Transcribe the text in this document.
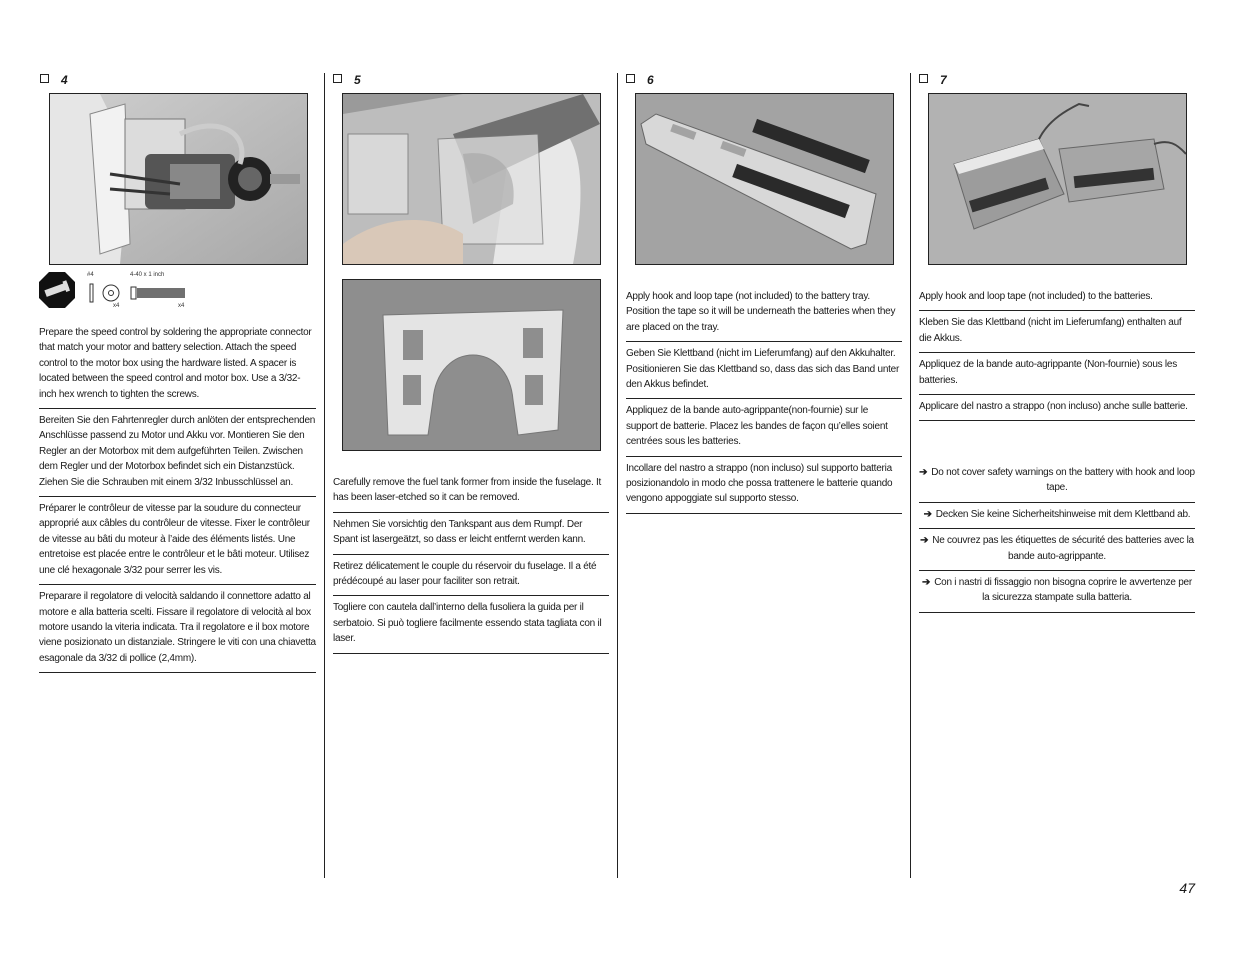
4	5	6	7
#4	4-40 x 1 inch
x4	x4

Prepare the speed control by soldering the appropriate connector that match your motor and battery selection. Attach the speed control to the motor box using the hardware listed. A spacer is located between the speed control and motor box. Use a 3/32-inch hex wrench to tighten the screws.

Bereiten Sie den Fahrtenregler durch anlöten der entsprechenden Anschlüsse passend zu Motor und Akku vor. Montieren Sie den Regler an der Motorbox mit dem aufgeführten Teilen. Zwischen dem Regler und der Motorbox befindet sich ein Distanzstück. Ziehen Sie die Schrauben mit einem 3/32 Inbusschlüssel an.

Préparer le contrôleur de vitesse par la soudure du connecteur approprié aux câbles du contrôleur de vitesse. Fixer le contrôleur de vitesse au bâti du moteur à l’aide des éléments listés. Une entretoise est placée entre le contrôleur et le bâti moteur. Utilisez une clé hexagonale 3/32 pour serrer les vis.

Preparare il regolatore di velocità saldando il connettore adatto al motore e alla batteria scelti. Fissare il regolatore di velocità al box motore usando la viteria indicata. Tra il regolatore e il box motore viene posizionato un distanziale. Stringere le viti con una chiavetta esagonale da 3/32 di pollice (2,4mm).

Carefully remove the fuel tank former from inside the fuselage. It has been laser-etched so it can be removed.

Nehmen Sie vorsichtig den Tankspant aus dem Rumpf. Der Spant ist lasergeätzt, so dass er leicht entfernt werden kann.

Retirez délicatement le couple du réservoir du fuselage. Il a été prédécoupé au laser pour faciliter son retrait.

Togliere con cautela dall’interno della fusoliera la guida per il serbatoio. Si può togliere facilmente essendo stata tagliata con il laser.

Apply hook and loop tape (not included) to the battery tray. Position the tape so it will be underneath the batteries when they are placed on the tray.

Geben Sie Klettband (nicht im Lieferumfang) auf den Akkuhalter. Positionieren Sie das Klettband so, dass das sich das Band unter den Akkus befindet.

Appliquez de la bande auto-agrippante(non-fournie) sur le support de batterie. Placez les bandes de façon qu’elles soient centrées sous les batteries.

Incollare del nastro a strappo (non incluso) sul supporto batteria posizionandolo in modo che possa trattenere le batterie quando vengono appoggiate sul supporto stesso.

Apply hook and loop tape (not included) to the batteries.

Kleben Sie das Klettband (nicht im Lieferumfang) enthalten auf die Akkus.

Appliquez de la bande auto-agrippante (Non-fournie) sous les batteries.

Applicare del nastro a strappo (non incluso) anche sulle batterie.

➔ Do not cover safety warnings on the battery with hook and loop tape.

➔ Decken Sie keine Sicherheitshinweise mit dem Klettband ab.

➔ Ne couvrez pas les étiquettes de sécurité des batteries avec la bande auto-agrippante.

➔ Con i nastri di fissaggio non bisogna coprire le avvertenze per la sicurezza stampate sulla batteria.

47
